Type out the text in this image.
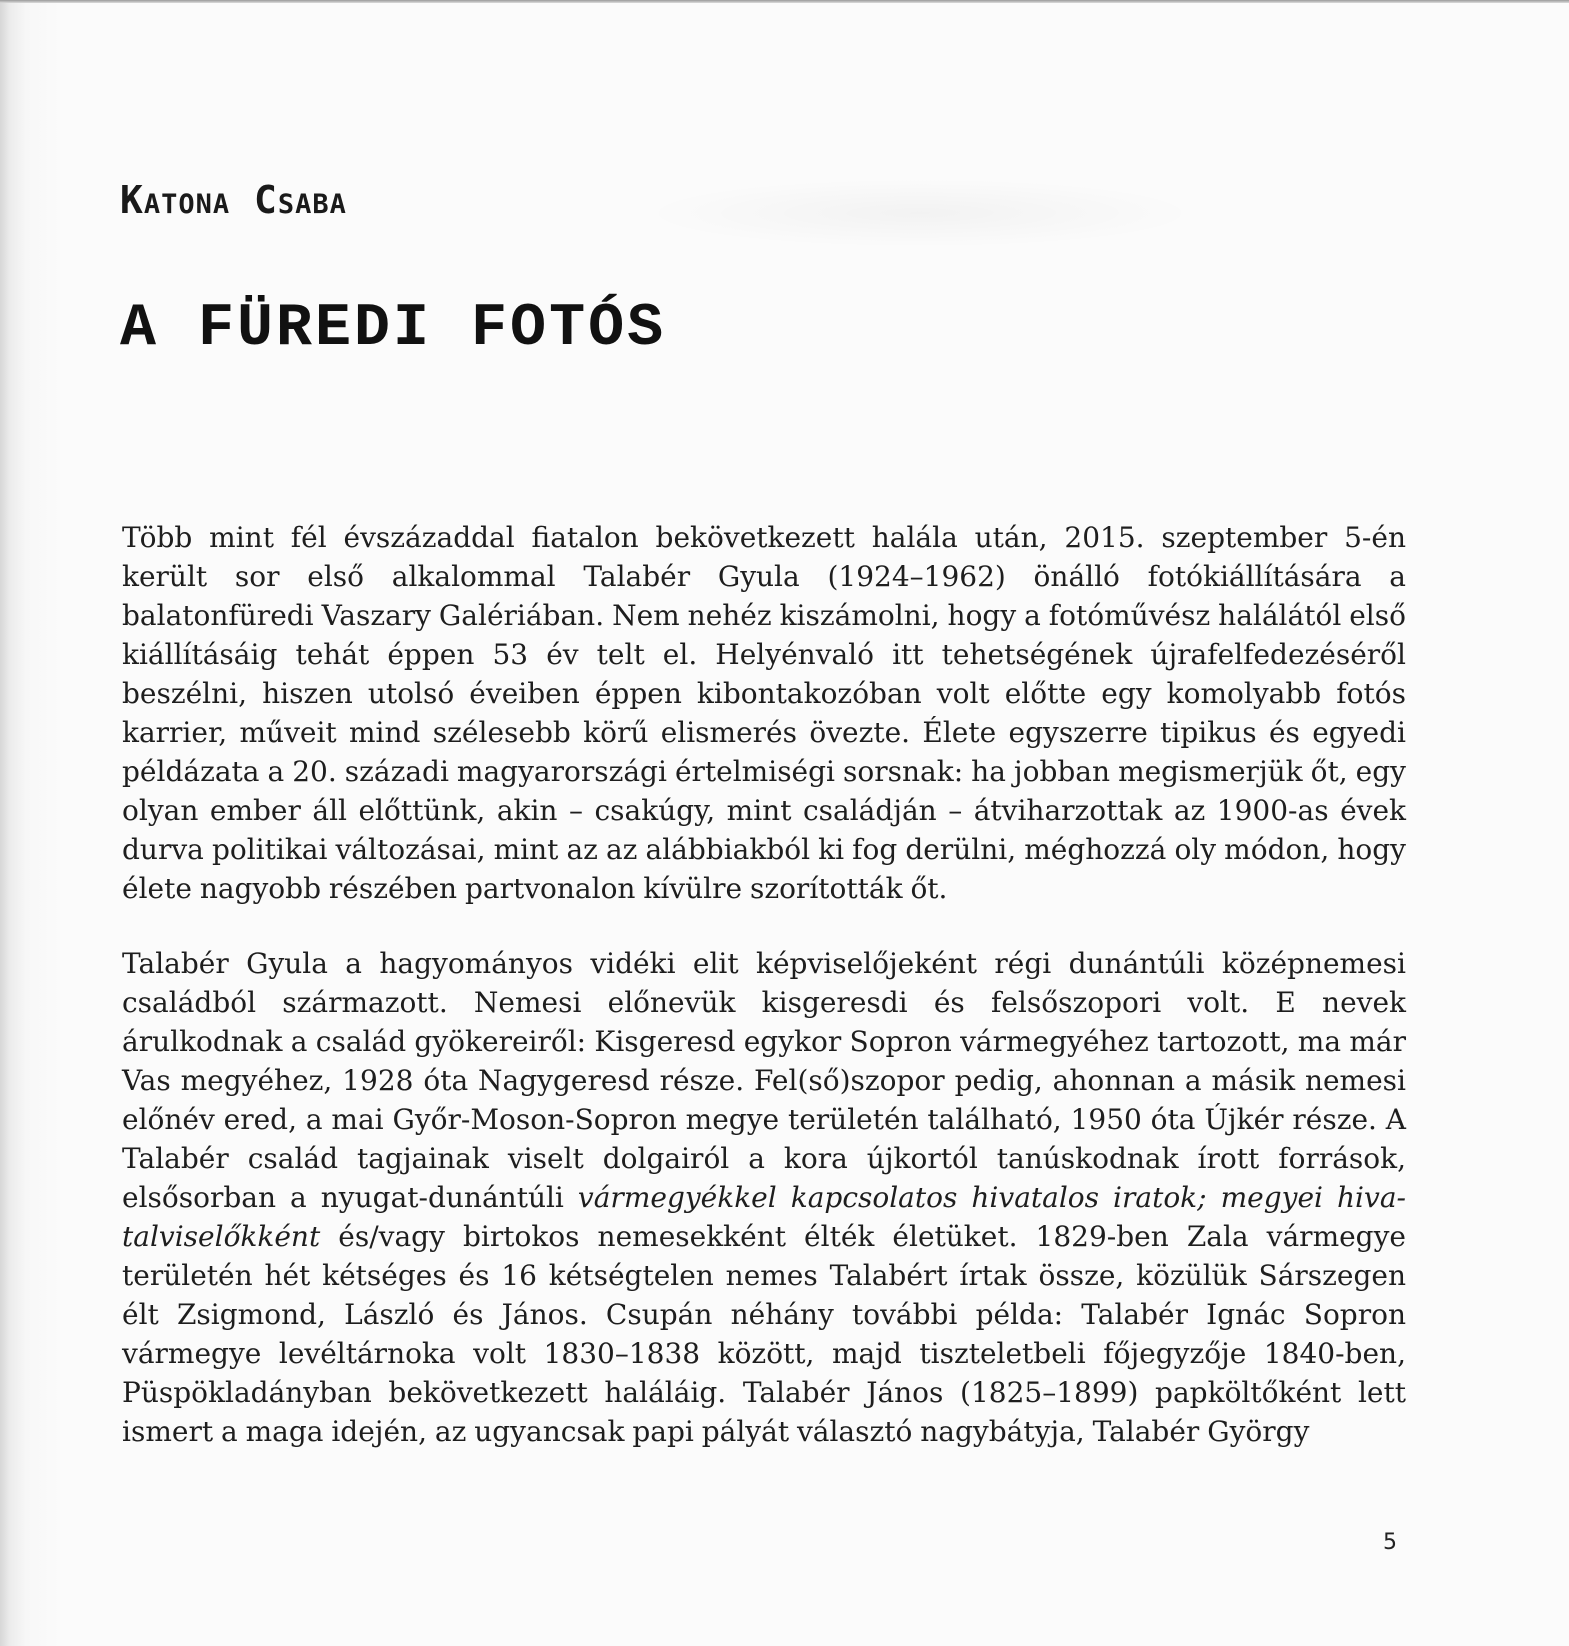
Katona Csaba
A FÜREDI FOTÓS

Több mint fél évszázaddal fiatalon bekövetkezett halála után, 2015. szeptember 5-én került sor első alkalommal Talabér Gyula (1924–1962) önálló fotókiállítására a balatonfüredi Vaszary Galériában. Nem nehéz kiszámolni, hogy a fotóművész halálától első kiállításáig tehát éppen 53 év telt el. Helyénvaló itt tehetségének újrafelfedezéséről beszélni, hiszen utolsó éveiben éppen kibontakozóban volt előtte egy komolyabb fotós karrier, műveit mind szélesebb körű elismerés övezte. Élete egyszerre tipikus és egyedi példázata a 20. századi magyarországi értelmiségi sorsnak: ha jobban megismerjük őt, egy olyan ember áll előttünk, akin – csakúgy, mint családján – átviharzottak az 1900-as évek durva politikai változásai, mint az az alábbiakból ki fog derülni, méghozzá oly módon, hogy élete nagyobb részében partvonalon kívülre szorították őt.

Talabér Gyula a hagyományos vidéki elit képviselőjeként régi dunántúli középnemesi családból származott. Nemesi előnevük kisgeresdi és felsőszopori volt. E nevek árulkodnak a család gyökereiről: Kisgeresd egykor Sopron vármegyéhez tartozott, ma már Vas megyéhez, 1928 óta Nagygeresd része. Fel(ső)szopor pedig, ahonnan a másik nemesi előnév ered, a mai Győr-Moson-Sopron megye területén található, 1950 óta Újkér része. A Talabér család tagjainak viselt dolgairól a kora újkortól tanúskodnak írott források, elsősorban a nyugat-dunántúli vármegyékkel kapcsolatos hivatalos iratok; megyei hiva-talviselőkként és/vagy birtokos nemesekként élték életüket. 1829-ben Zala vármegye területén hét kétséges és 16 kétségtelen nemes Talabért írtak össze, közülük Sárszegen élt Zsigmond, László és János. Csupán néhány további példa: Talabér Ignác Sopron vármegye levéltárnoka volt 1830–1838 között, majd tiszteletbeli főjegyzője 1840-ben, Püspökladányban bekövetkezett haláláig. Talabér János (1825–1899) papköltőként lett ismert a maga idején, az ugyancsak papi pályát választó nagybátyja, Talabér György

5
